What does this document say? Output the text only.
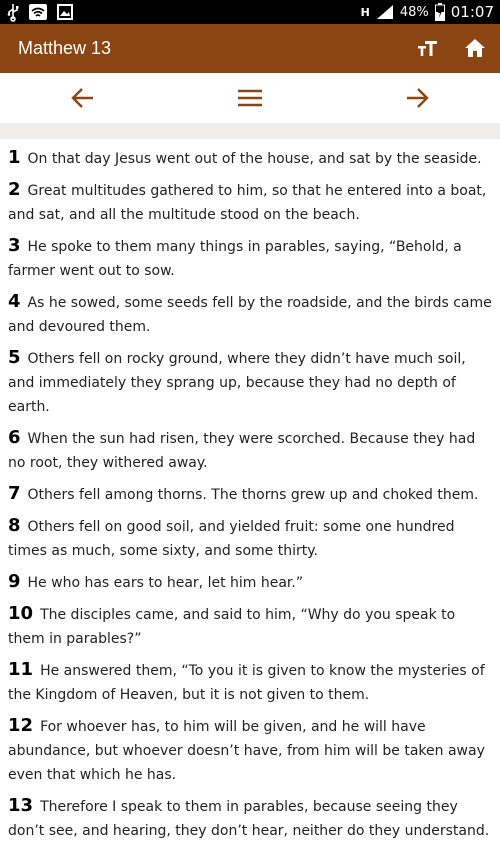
H 48% 01:07
Matthew 13

1 On that day Jesus went out of the house, and sat by the seaside.

2 Great multitudes gathered to him, so that he entered into a boat, and sat, and all the multitude stood on the beach.

3 He spoke to them many things in parables, saying, “Behold, a farmer went out to sow.

4 As he sowed, some seeds fell by the roadside, and the birds came and devoured them.

5 Others fell on rocky ground, where they didn’t have much soil, and immediately they sprang up, because they had no depth of earth.

6 When the sun had risen, they were scorched. Because they had no root, they withered away.

7 Others fell among thorns. The thorns grew up and choked them.

8 Others fell on good soil, and yielded fruit: some one hundred times as much, some sixty, and some thirty.

9 He who has ears to hear, let him hear.”

10 The disciples came, and said to him, “Why do you speak to them in parables?”

11 He answered them, “To you it is given to know the mysteries of the Kingdom of Heaven, but it is not given to them.

12 For whoever has, to him will be given, and he will have abundance, but whoever doesn’t have, from him will be taken away even that which he has.

13 Therefore I speak to them in parables, because seeing they don’t see, and hearing, they don’t hear, neither do they understand.
